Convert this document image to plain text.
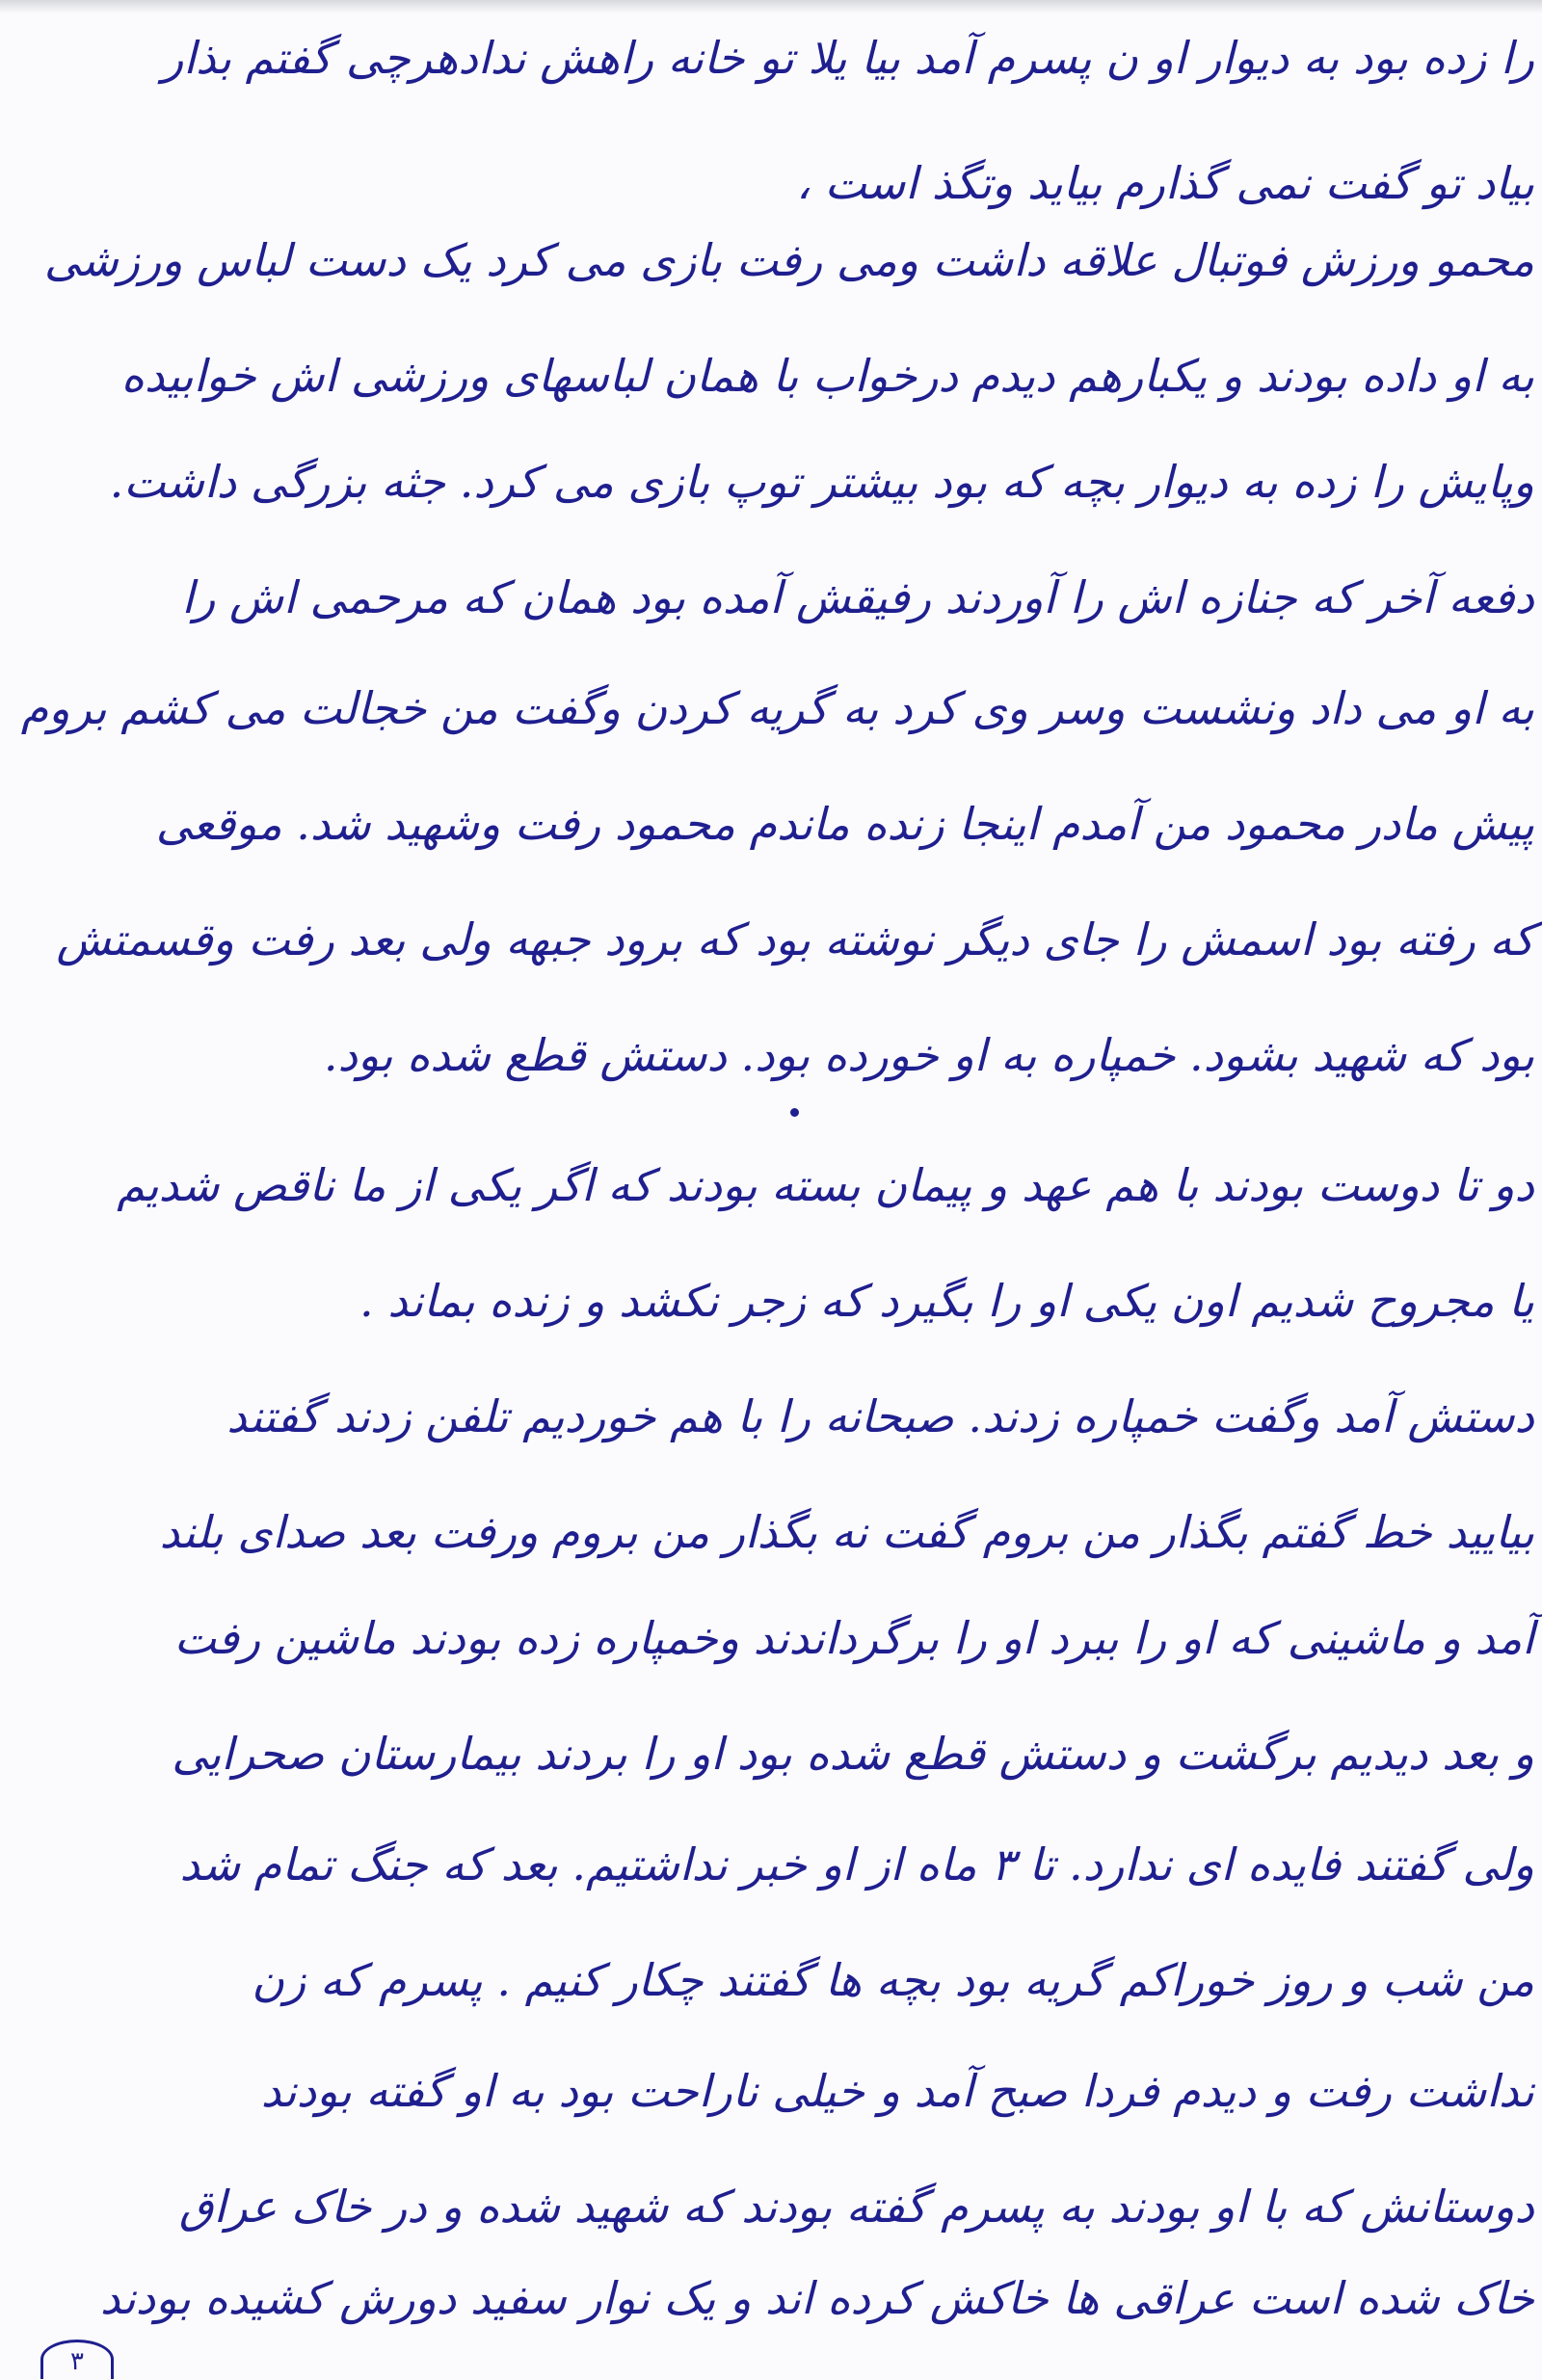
را زده بود به دیوار او ن پسرم آمد بیا یلا تو خانه راهش ندادهرچی گفتم بذار
بیاد تو گفت نمی گذارم بیاید وتگذ است ،
محمو ورزش فوتبال علاقه داشت ومی رفت بازی می کرد یک دست لباس ورزشی
به او داده بودند و یکبارهم دیدم درخواب با همان لباسهای ورزشی اش خوابیده
وپایش را زده به دیوار بچه که بود بیشتر توپ بازی می کرد. جثه بزرگی داشت.
دفعه آخر که جنازه اش را آوردند رفیقش آمده بود همان که مرحمی اش را
به او می داد ونشست وسر وی کرد به گریه کردن وگفت من خجالت می کشم بروم
پیش مادر محمود من آمدم اینجا زنده ماندم محمود رفت وشهید شد. موقعی
که رفته بود اسمش را جای دیگر نوشته بود که برود جبهه ولی بعد رفت وقسمتش
بود که شهید بشود. خمپاره به او خورده بود. دستش قطع شده بود.
دو تا دوست بودند با هم عهد و پیمان بسته بودند که اگر یکی از ما ناقص شدیم
یا مجروح شدیم اون یکی او را بگیرد که زجر نکشد و زنده بماند .
دستش آمد وگفت خمپاره زدند. صبحانه را با هم خوردیم تلفن زدند گفتند
بیایید خط گفتم بگذار من بروم گفت نه بگذار من بروم ورفت بعد صدای بلند
آمد و ماشینی که او را ببرد او را برگرداندند وخمپاره زده بودند ماشین رفت
و بعد دیدیم برگشت و دستش قطع شده بود او را بردند بیمارستان صحرایی
ولی گفتند فایده ای ندارد. تا ۳ ماه از او خبر نداشتیم. بعد که جنگ تمام شد
من شب و روز خوراکم گریه بود بچه ها گفتند چکار کنیم . پسرم که زن
نداشت رفت و دیدم فردا صبح آمد و خیلی ناراحت بود به او گفته بودند
دوستانش که با او بودند به پسرم گفته بودند که شهید شده و در خاک عراق
خاک شده است عراقی ها خاکش کرده اند و یک نوار سفید دورش کشیده بودند
۳
